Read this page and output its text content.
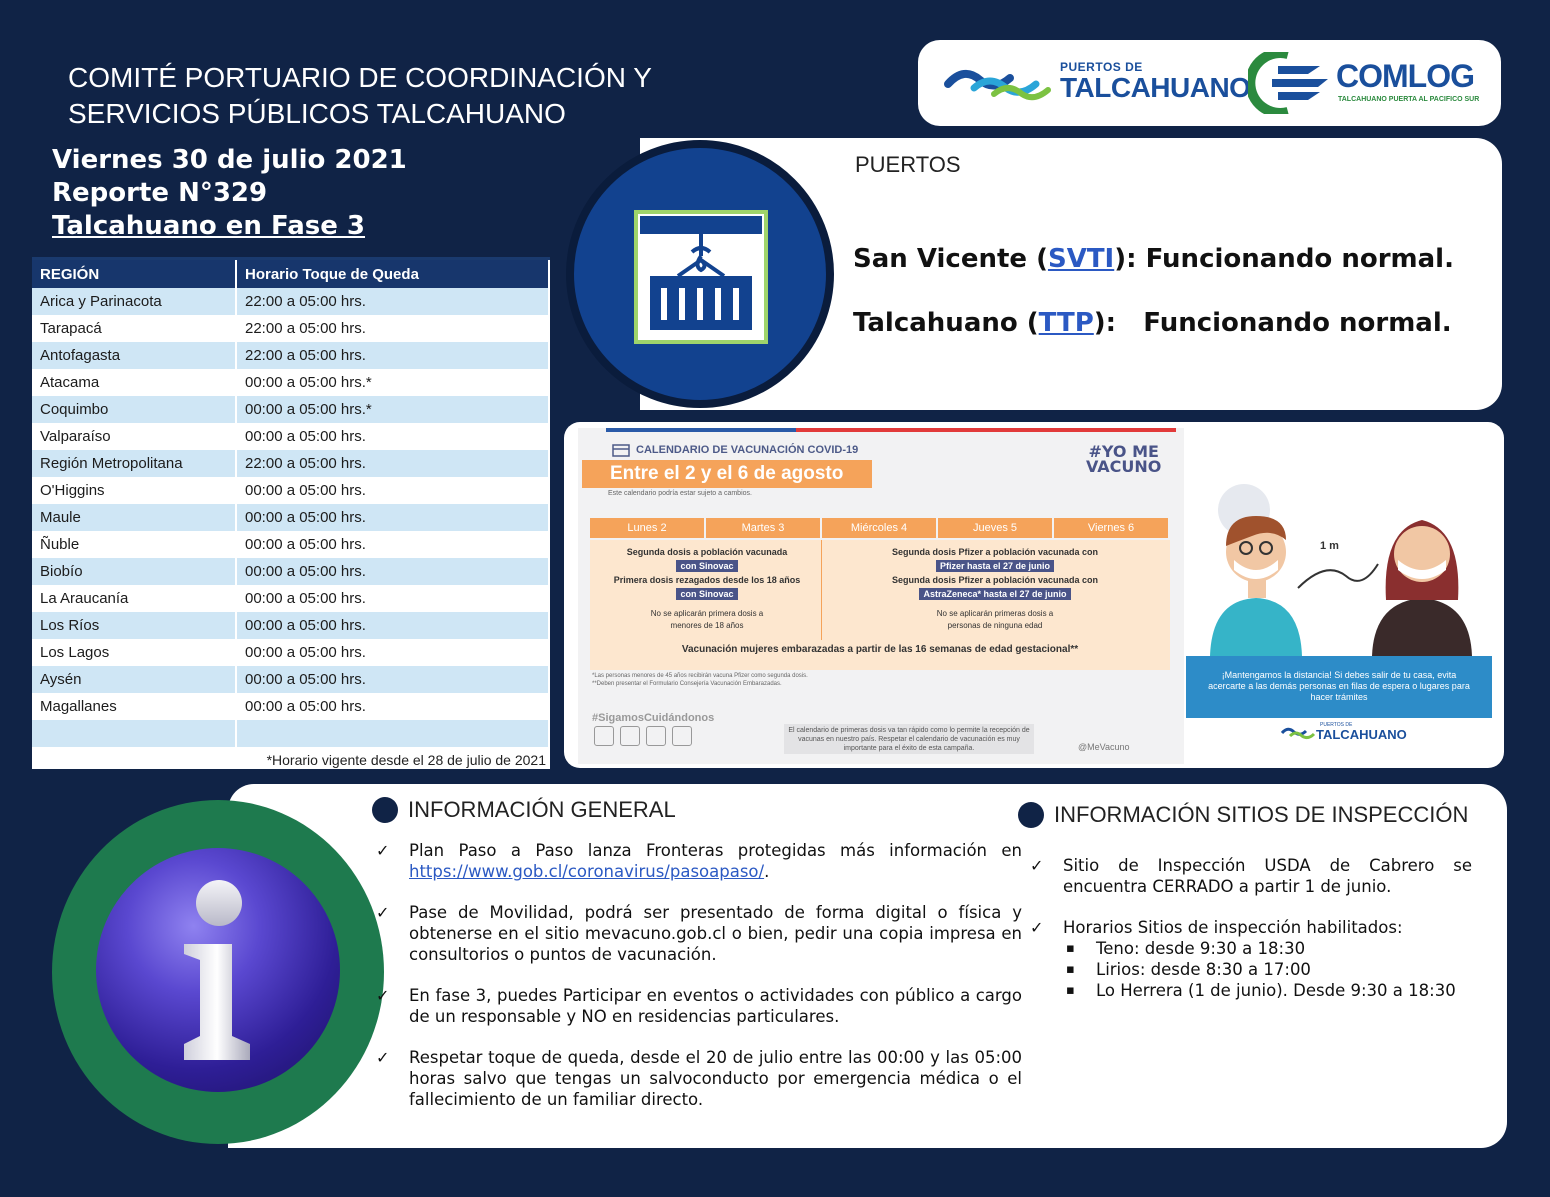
COMITÉ PORTUARIO DE COORDINACIÓN Y
SERVICIOS PÚBLICOS TALCAHUANO
PUERTOS DE
TALCAHUANO	COMLOG
TALCAHUANO PUERTA AL PACIFICO SUR
Viernes 30 de julio 2021
Reporte N°329
Talcahuano en Fase 3
REGIÓN	Horario Toque de Queda
Arica y Parinacota	22:00 a 05:00 hrs.
Tarapacá	22:00 a 05:00 hrs.
Antofagasta	22:00 a 05:00 hrs.
Atacama	00:00 a 05:00 hrs.*
Coquimbo	00:00 a 05:00 hrs.*
Valparaíso	00:00 a 05:00 hrs.
Región Metropolitana	22:00 a 05:00 hrs.
O'Higgins	00:00 a 05:00 hrs.
Maule	00:00 a 05:00 hrs.
Ñuble	00:00 a 05:00 hrs.
Biobío	00:00 a 05:00 hrs.
La Araucanía	00:00 a 05:00 hrs.
Los Ríos	00:00 a 05:00 hrs.
Los Lagos	00:00 a 05:00 hrs.
Aysén	00:00 a 05:00 hrs.
Magallanes	00:00 a 05:00 hrs.

*Horario vigente desde el 28 de julio de 2021
PUERTOS
San Vicente (SVTI): Funcionando normal.
Talcahuano (TTP):   Funcionando normal.
CALENDARIO DE VACUNACIÓN COVID-19
Entre el 2 y el 6 de agosto
Este calendario podría estar sujeto a cambios.
#YO ME
VACUNO
Lunes 2	Martes 3	Miércoles 4	Jueves 5	Viernes 6
Segunda dosis a población vacunada
con Sinovac
Primera dosis rezagados desde los 18 años
con Sinovac
No se aplicarán primera dosis a menores de 18 años
Segunda dosis Pfizer a población vacunada con
Pfizer hasta el 27 de junio
Segunda dosis Pfizer a población vacunada con
AstraZeneca* hasta el 27 de junio
No se aplicarán primeras dosis a personas de ninguna edad
Vacunación mujeres embarazadas a partir de las 16 semanas de edad gestacional**
*Las personas menores de 45 años recibirán vacuna Pfizer como segunda dosis.
**Deben presentar el Formulario Consejería Vacunación Embarazadas.
#SigamosCuidándonos
El calendario de primeras dosis va tan rápido como lo permite la recepción de vacunas en nuestro país. Respetar el calendario de vacunación es muy importante para el éxito de esta campaña.	@MeVacuno
1 m
¡Mantengamos la distancia! Si debes salir de tu casa, evita acercarte a las demás personas en filas de espera o lugares para hacer trámites
PUERTOS DE
TALCAHUANO
INFORMACIÓN GENERAL
✓ Plan Paso a Paso lanza Fronteras protegidas más información en https://www.gob.cl/coronavirus/pasoapaso/.
✓ Pase de Movilidad, podrá ser presentado de forma digital o física y obtenerse en el sitio mevacuno.gob.cl o bien, pedir una copia impresa en consultorios o puntos de vacunación.
✓ En fase 3, puedes Participar en eventos o actividades con público a cargo de un responsable y NO en residencias particulares.
✓ Respetar toque de queda, desde el 20 de julio entre las 00:00 y las 05:00 horas salvo que tengas un salvoconducto por emergencia médica o el fallecimiento de un familiar directo.
INFORMACIÓN SITIOS DE INSPECCIÓN
✓ Sitio de Inspección USDA de Cabrero se encuentra CERRADO a partir 1 de junio.
✓ Horarios Sitios de inspección habilitados:
▪ Teno: desde 9:30 a 18:30
▪ Lirios: desde 8:30 a 17:00
▪ Lo Herrera (1 de junio). Desde 9:30 a 18:30
